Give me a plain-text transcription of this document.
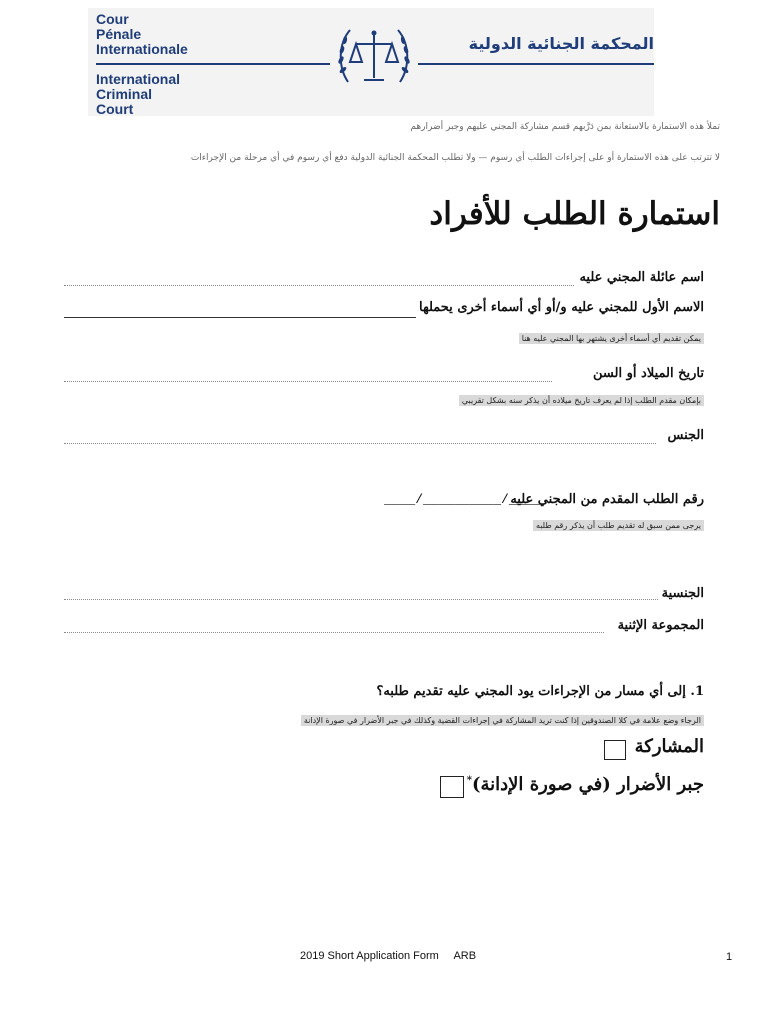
Cour
Pénale
Internationale
International
Criminal
Court
المحكمة الجنائية الدولية
تملأ هذه الاستمارة بالاستعانة بمن دَرَّبهم قسم مشاركة المجني عليهم وجبر أضرارهم
لا تترتب على هذه الاستمارة أو على إجراءات الطلب أي رسوم — ولا تطلب المحكمة الجنائية الدولية دفع أي رسوم في أي مرحلة من الإجراءات
استمارة الطلب للأفراد
اسم عائلة المجني عليه
الاسم الأول للمجني عليه و/أو أي أسماء أخرى يحملها
يمكن تقديم أي أسماء أخرى يشتهر بها المجني عليه هنا
تاريخ الميلاد أو السن
بإمكان مقدم الطلب إذا لم يعرف تاريخ ميلاده أن يذكر سنه بشكل تقريبي
الجنس
رقم الطلب المقدم من المجني عليه
____/__________/____
يرجى ممن سبق له تقديم طلب أن يذكر رقم طلبه
الجنسية
المجموعة الإثنية
1. إلى أي مسار من الإجراءات يود المجني عليه تقديم طلبه؟
الرجاء وضع علامة في كلا الصندوقين إذا كنت تريد المشاركة في إجراءات القضية وكذلك في جبر الأضرار في صورة الإدانة
المشاركة
جبر الأضرار (في صورة الإدانة)*
2019 Short Application Form     ARB	1
